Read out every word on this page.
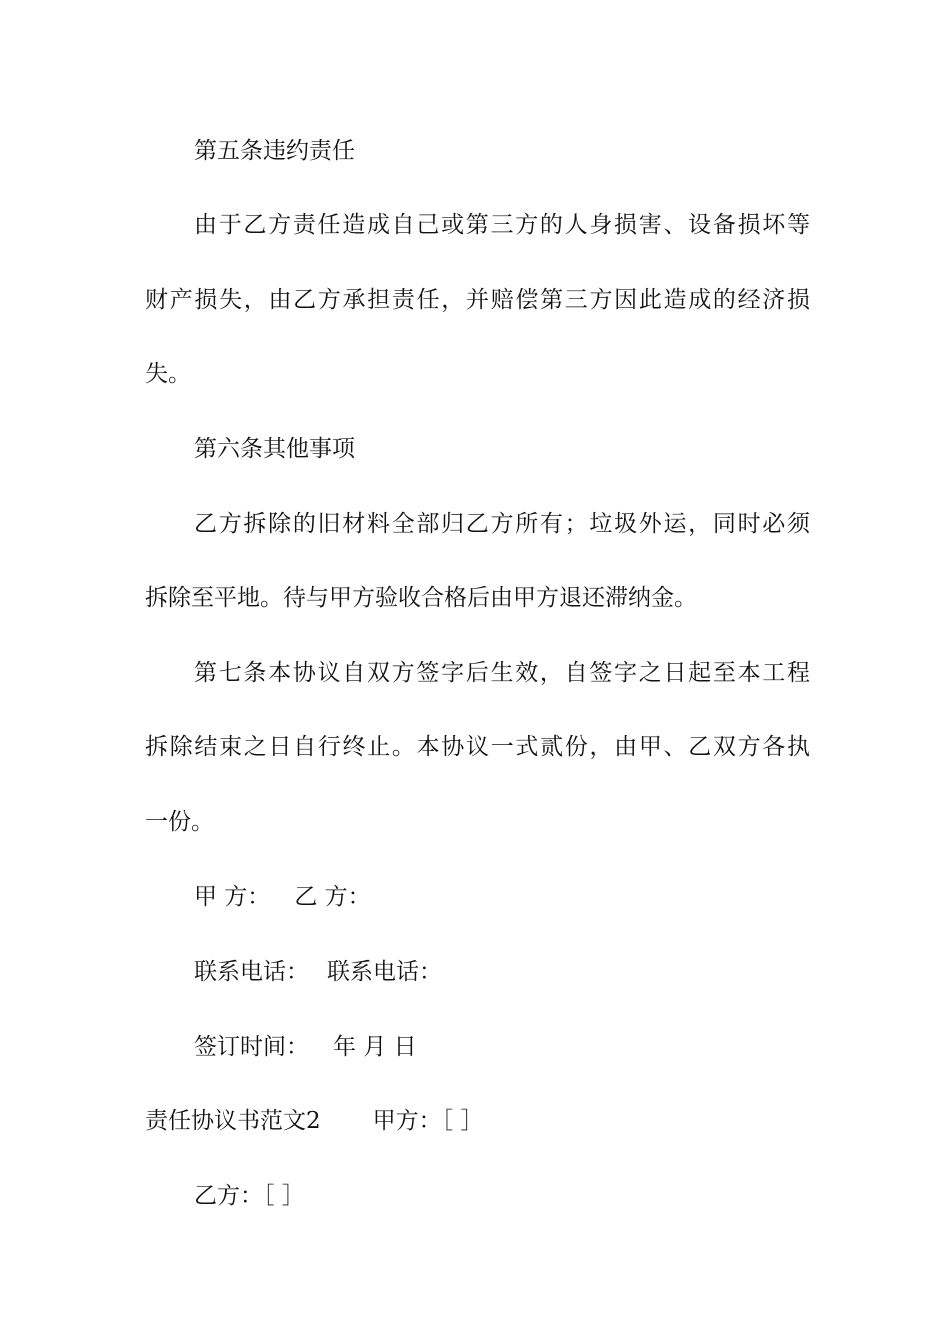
第五条违约责任
由于乙方责任造成自己或第三方的人身损害、设备损坏等
财产损失，由乙方承担责任，并赔偿第三方因此造成的经济损
失。
第六条其他事项
乙方拆除的旧材料全部归乙方所有；垃圾外运，同时必须
拆除至平地。待与甲方验收合格后由甲方退还滞纳金。
第七条本协议自双方签字后生效，自签字之日起至本工程
拆除结束之日自行终止。本协议一式贰份，由甲、乙双方各执
一份。
甲 方： 乙 方：
联系电话： 联系电话：
签订时间： 年 月 日
责任协议书范文2 甲方：［ ］
乙方：［ ］
